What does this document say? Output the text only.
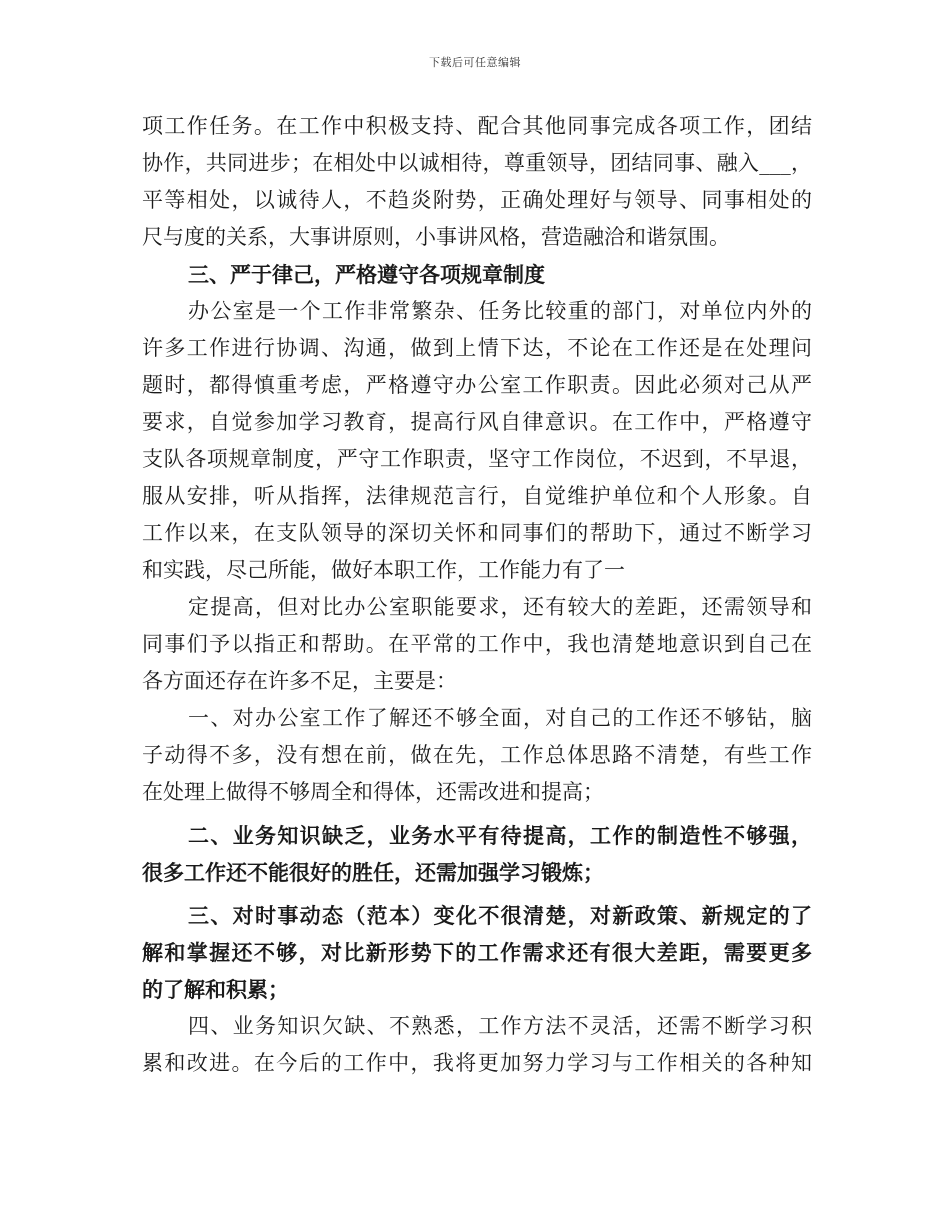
下载后可任意编辑
项工作任务。在工作中积极支持、配合其他同事完成各项工作，团结
协作，共同进步；在相处中以诚相待，尊重领导，团结同事、融入___，
平等相处，以诚待人，不趋炎附势，正确处理好与领导、同事相处的
尺与度的关系，大事讲原则，小事讲风格，营造融洽和谐氛围。
三、严于律己，严格遵守各项规章制度
办公室是一个工作非常繁杂、任务比较重的部门，对单位内外的
许多工作进行协调、沟通，做到上情下达，不论在工作还是在处理问
题时，都得慎重考虑，严格遵守办公室工作职责。因此必须对己从严
要求，自觉参加学习教育，提高行风自律意识。在工作中，严格遵守
支队各项规章制度，严守工作职责，坚守工作岗位，不迟到，不早退，
服从安排，听从指挥，法律规范言行，自觉维护单位和个人形象。自
工作以来，在支队领导的深切关怀和同事们的帮助下，通过不断学习
和实践，尽己所能，做好本职工作，工作能力有了一
定提高，但对比办公室职能要求，还有较大的差距，还需领导和
同事们予以指正和帮助。在平常的工作中，我也清楚地意识到自己在
各方面还存在许多不足，主要是：
一、对办公室工作了解还不够全面，对自己的工作还不够钻，脑
子动得不多，没有想在前，做在先，工作总体思路不清楚，有些工作
在处理上做得不够周全和得体，还需改进和提高；
二、业务知识缺乏，业务水平有待提高，工作的制造性不够强，
很多工作还不能很好的胜任，还需加强学习锻炼；
三、对时事动态（范本）变化不很清楚，对新政策、新规定的了
解和掌握还不够，对比新形势下的工作需求还有很大差距，需要更多
的了解和积累；
四、业务知识欠缺、不熟悉，工作方法不灵活，还需不断学习积
累和改进。在今后的工作中，我将更加努力学习与工作相关的各种知
